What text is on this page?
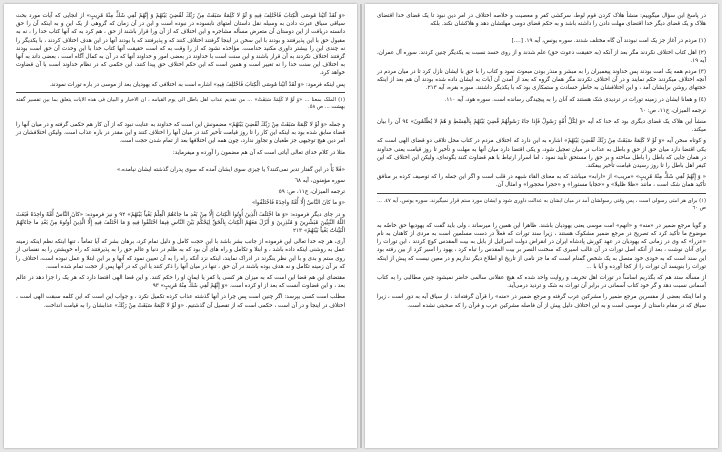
«وَ لَقَدْ آتَيْنا مُوسَى الْكِتابَ فَاخْتُلِفَ فِيهِ وَ لَوْ لا كَلِمَةٌ سَبَقَتْ مِنْ رَبِّكَ لَقُضِيَ بَيْنَهُمْ وَ إِنَّهُمْ لَفِي شَكٍّ مِنْهُ مُرِيبٍ» از انجایی که آیات مورد بحث سیاقی سیاق عبرت دادن به وسیله نقل داستان امتهای نابسوده در نبوده است و این در آن زمان که گروهی از یک این و به اینکه آن را حق دانسته دریافت از این دوستان آن متعرض مسأله مشاجره و این اختلاف که از آن ورا قرار باشند از حق ، هم کرد به که آنها کتاب خدا را ، نه به مقبول حق با این پذیرفتند و بودند با این سخن در اینجا گرفتند اختلاف کنند که و پذیرفتند که یا بودند آنها در این هدف اختلاف کردند ، با یکدیگر را نه چندی این را بیشتر داوری مکنید خداست. مؤاخذه نشود که از را وقت به که است حقیقت آنها کتاب خدا با این وحدت آن حق است بودند گرفتند اختلاف نکردند به آن قرار باشند و این سنت است با خداوند در بعضی امور و خداوند آنها که در آن به کمال آگاه است ، بعضی داند به آنها به اختلاف این سنت خدا را نه تغییر است و همین است که این حکم اختلاف حق پیدا کنند، این حکمی که در نظام خداوند است با آن قضاوت خواهد کرد.

پس اینکه فرمود: «وَ لَقَدْ آتَيْنا مُوسَى الْكِتابَ فَاخْتُلِفَ فِيهِ» اشاره است به اختلافی که یهودیان بعد از موسی در باره تورات نمودند.

(١) الملک بمعنا ... «وَ لَوْ لا كَلِمَةٌ سَبَقَتْ» ... من تقدیم عذاب اهل باطل الی یوم القیامه ، ان الاخبار و البیان فی هذه الایات یتعلق بما بین تفسیر گفته بهشت ... ص ٥٨.

و جمله «وَ لَوْ لا كَلِمَةٌ سَبَقَتْ مِنْ رَبِّكَ لَقُضِيَ بَيْنَهُمْ» مضمونش این است که خداوند به عنایت نبود که از آن کار هم حکمی گرفته و در میان آنها را قضاء سابق شده بود به اینکه این کار را تا روز قیامت تأخیر کند در میان آنها را اختلاف کنند و این مقدر در باره عذاب است. ولیکن اختلافشان در امر دین هیچ توجیهی جز طغیان و تجاوز ندارد، چون همه این اختلافها بعد از تمام شدن حجت است.

مثلا در کلام خدای تعالی آیاتی است که آن هم مضمون را آورده و میفرماید:

«فَلا يَأْ در این گفتار تدبر نمی‌کنند؟ یا چیزی سوی ایشان آمده که سوی پدران گذشته ایشان نیامده.»

سوره مؤمنون، آیه ٦٨

ترجمه المیزان، ج١١، ص: ٥٩

«وَ ما كانَ النَّاسُ إِلَّا أُمَّةً واحِدَةً فَاخْتَلَفُوا»

و در جای دیگر فرموده: «وَ مَا اخْتَلَفَ الَّذِينَ أُوتُوا الْكِتابَ إِلَّا مِنْ بَعْدِ ما جاءَهُمُ الْعِلْمُ بَغْياً بَيْنَهُمْ» ٩٢ و نیز فرموده: «كانَ النَّاسُ أُمَّةً واحِدَةً فَبَعَثَ اللَّهُ النَّبِيِّينَ مُبَشِّرِينَ وَ مُنْذِرِينَ وَ أَنْزَلَ مَعَهُمُ الْكِتابَ بِالْحَقِّ لِيَحْكُمَ بَيْنَ النَّاسِ فِيمَا اخْتَلَفُوا فِيهِ وَ مَا اخْتَلَفَ فِيهِ إِلَّا الَّذِينَ أُوتُوهُ مِنْ بَعْدِ ما جاءَتْهُمُ الْبَيِّناتُ بَغْياً بَيْنَهُمْ» ٢١٣

آری، هر چه خدا تعالی این فرموده از جانب بشر باشد با این حجت کامل و دلیل تمام کرد، برهان بشر که آیا تماماً ، تنها اینکه نظم اینکه زمینه عمل به روشنی اینکه داده باشد ، و ابتلا و تکامل و راه های آن بود که به ظلم در دنیا و عالم حق را به پذیرفتند که راه خویشتن را به نفسانی از روی ستم و بدی و با این نظر بنگرند در ادراک نمایند، اینکه نزد آنکه راه را به آن تعیین نمود که آنها و بر این ابتلا و عمل نبوده است، اختلاف را که بر آن زمینه تکامل و نه هدف بوده باشند در آن حق ، تنها در میان آنها را ذکر کنند یا این که در آنها پس از حجت تمام شده است.

مقتضای این هم قضا این است که به میزان هر کسی یا کفر یا ایمان او را حکم کنند. و این قضا الهی اقتضا دارد که هر یک را جزا دهد در عالم بعد ، و این قضاوت آنست که بعد از او کرده است. «وَ إِنَّهُمْ لَفِي شَكٍّ مِنْهُ مُرِيبٍ» ٩٣

مطلب است کسی بپرسد: اگر چنین است پس چرا در آنها گذشته عذاب کرده تکمیل نکرد ، و جواب این است که این کلمه سبقت الهی است ، اختلاف در اینجا و در آن است ، حکمی است که از تفصیل آن گذشتیم. «وَ لَوْ لا كَلِمَةٌ سَبَقَتْ مِنْ رَبِّكَ» عذابشان را به قیامت انداخت.

در پاسخ این سؤال میگوییم: منشأ هلاک کردن قوم لوط، سرکشی کفر و معصیت و خلاصه اختلاف در امر دین نبود تا یک قضای خدا اقتضای هلاک و یک قضای دیگر خدا اقتضای مهلت دادن را داشته باشد و به حکم قضای دومی مهلتشان دهد و هلاکشان نکند. بلکه

(١) مردم در آغاز جز یک امت نبودند آن گاه مختلف شدند. سوره یونس، آیه ١٩. [....]

(٢) اهل کتاب اختلاف نکردند مگر بعد از آنکه (به حقیقت دعوت حق) علم شدند و از روی حسد نسبت به یکدیگر چنین کردند. سوره آل عمران، آیه ١٩.

(٣) مردم همه یک امت بودند پس خداوند پیغمبران را به مبشر و منذر بودن مبعوث نمود و کتاب را با حق با ایشان نازل کرد تا در میان مردم در آنچه اختلاف میکردند حکم نمایند و در آن اختلاف نکردند مگر همان گروه که بعد از آمدن آن آیات به ایشان داده شده بودند آن هم بعد از اینکه حجتهای روشن برایشان آمد ، و این اختلافشان به خاطر حسادت و ستمکاری بود که با یکدیگر داشتند. سوره بقره، آیه ٢١٣.

(٤) و همانا ایشان در زمینه تورات در تردیدی شک هستند که آنان را به پیچیدگی رسانده است. سوره هود، آیه ١١٠.

ترجمه المیزان، ج١١، ص: ٦٠

منشأ این هلاک یک قضای دیگری بود که خدا که آیه «وَ لِكُلِّ أُمَّةٍ رَسُولٌ فَإِذا جاءَ رَسُولُهُمْ قُضِيَ بَيْنَهُمْ بِالْقِسْطِ وَ هُمْ لا يُظْلَمُونَ» ٩٤ آن را بیان میکند.

و کوتاه سخن آیه «وَ لَوْ لا كَلِمَةٌ سَبَقَتْ مِنْ رَبِّكَ لَقُضِيَ بَيْنَهُمْ» اشاره به این دارد که اختلاف مردم در کتاب محل تلاقی دو قضای الهی است که یکی اقتضا دارد میان حق از حق و باطل به عذاب در میان تعجیل شود، و یکی اقتضا دارد میان آنها به مهلت و تأخیر تا روز قیامت یعنی خداوند در همان جایی که باطل را باطل ساخته و بر حق را مستحق تأیید نمود ، اما اسرار ارتباط با هم قضاوت کنند بگونه‌ای، ولیکن این اختلاف که این کیفر اهل باطل را تا روز رسیدن قیامت تأخیر بیفکند.

« وَ إِنَّهُمْ لَفِي شَكٍّ مِنْهُ مُرِيبٍ» «مریب» از «ارابه» میباشد که به معنای القاء شبهه در قلب است و اگر این جمله را که توصیف کرده بر منافق تأکید همان شک است ، مانند «ظلا ظليلا» و «حجابا مستورا» و «حجرا محجورا» و امثال آن.

(١) برای هر امتی رسولی است ، پس وقتی رسولشان آمد در میان ایشان به عدالت داوری شود و ایشان مورد ستم قرار نمیگیرند. سوره یونس، آیه ٤٧. ... ص ٦٠

و گویا مرجع ضمیر در «منه» و «انهم» امت موسی یعنی یهودیان باشند. ظاهرا این همین را میرساند ، ولی باید گفت که یهودیها حق خاصّه به موضوع ما تأکید کرد که تصریح در مرجع ضمیر مشکوک هستند ، زیرا سند تورات که فعلاً در دست مسلمین است به مردی از کاهنان به نام «عزرا» که وی در زمانی که یهودیان در عهد کورش پادشاه ایران در انقراض دولت اسرائیل از بابل به بیت المقدس کوچ کردند ، این تورات را برای آنان نوشت ، بعد از آنکه اصل تورات در آن غالب اسیری که سخنت النصر بر بیت المقدس را تباه کرد ، یهود را اسیر کرد از بین رفته بود این سند است که به خودی خود متصل به یک شخص گمنام است که ما جز نامی از تاریخ او اطلاع دیگر نداریم و در معین نیست که پیش از اینکه تورات را بنویسد آن تورات را از کجا آورده و آیا با ...

از مسأله ستد هم که بگذریم اساساً در تورات اهل تحریف و روایت واحد شده که هیچ عقلانی سالمی حاضر نمیشود چنین مطالبی را به کتاب آسمانی نسبت دهد و گر خود کتاب آسمانی در برابر آن تورات به شک و تردید درمی‌آید.

و اما اینکه بعضی از مفسرین مرجع ضمیر را مشرکین عرب گرفته و مرجع ضمیر در «منه» را قرآن گرفته‌اند ، از سیاق آیه به دور است ، زیرا سیاق که در مقام داستان از موسی است و به این اختلاف دلیل پیش از آن فاصله مشرکین عرب و قرآن را که صحبتی نشده است.
